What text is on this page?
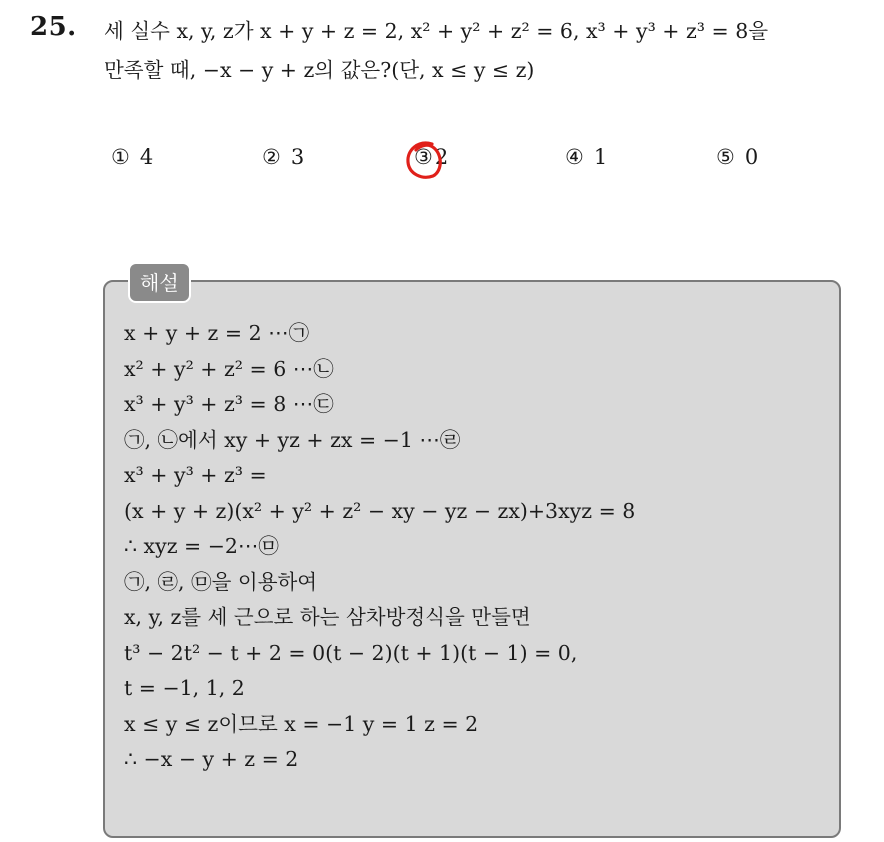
25. 세 실수 x, y, z가 x + y + z = 2, x² + y² + z² = 6, x³ + y³ + z³ = 8을
만족할 때, −x − y + z의 값은?(단, x ≤ y ≤ z)
① 4	② 3	③2	④ 1	⑤ 0
해설
x + y + z = 2 ⋯㉠
x² + y² + z² = 6 ⋯㉡
x³ + y³ + z³ = 8 ⋯㉢
㉠, ㉡에서 xy + yz + zx = −1 ⋯㉣
x³ + y³ + z³ =
(x + y + z)(x² + y² + z² − xy − yz − zx)+3xyz = 8
∴ xyz = −2⋯㉤
㉠, ㉣, ㉤을 이용하여
x, y, z를 세 근으로 하는 삼차방정식을 만들면
t³ − 2t² − t + 2 = 0(t − 2)(t + 1)(t − 1) = 0,
t = −1, 1, 2
x ≤ y ≤ z이므로 x = −1 y = 1 z = 2
∴ −x − y + z = 2
